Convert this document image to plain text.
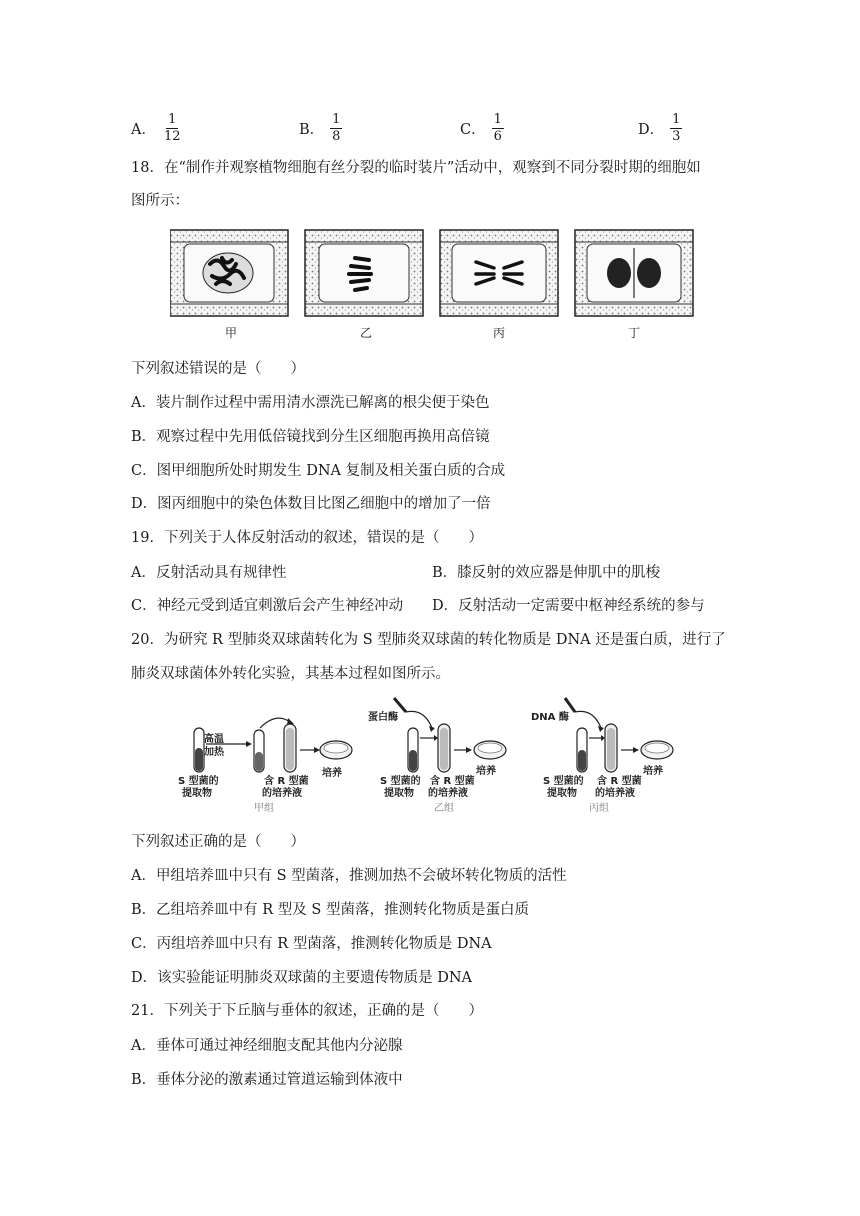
A． $\frac{1}{12}$	B． $\frac{1}{8}$	C． $\frac{1}{6}$	D． $\frac{1}{3}$
18．在“制作并观察植物细胞有丝分裂的临时装片”活动中，观察到不同分裂时期的细胞如
图所示：
甲	乙	丙	丁
下列叙述错误的是（　　）
A．装片制作过程中需用清水漂洗已解离的根尖便于染色
B．观察过程中先用低倍镜找到分生区细胞再换用高倍镜
C．图甲细胞所处时期发生 DNA 复制及相关蛋白质的合成
D．图丙细胞中的染色体数目比图乙细胞中的增加了一倍
19．下列关于人体反射活动的叙述，错误的是（　　）
A．反射活动具有规律性	B．膝反射的效应器是伸肌中的肌梭
C．神经元受到适宜刺激后会产生神经冲动 D．反射活动一定需要中枢神经系统的参与
20．为研究 R 型肺炎双球菌转化为 S 型肺炎双球菌的转化物质是 DNA 还是蛋白质，进行了
肺炎双球菌体外转化实验，其基本过程如图所示。
高温
加热
S 型菌的
提取物
含 R 型菌
的培养液
培养
甲组
蛋白酶
S 型菌的
提取物
含 R 型菌
的培养液
培养
乙组
DNA 酶
S 型菌的
提取物
含 R 型菌
的培养液
培养
丙组
下列叙述正确的是（　　）
A．甲组培养皿中只有 S 型菌落，推测加热不会破坏转化物质的活性
B．乙组培养皿中有 R 型及 S 型菌落，推测转化物质是蛋白质
C．丙组培养皿中只有 R 型菌落，推测转化物质是 DNA
D．该实验能证明肺炎双球菌的主要遗传物质是 DNA
21．下列关于下丘脑与垂体的叙述，正确的是（　　）
A．垂体可通过神经细胞支配其他内分泌腺
B．垂体分泌的激素通过管道运输到体液中
